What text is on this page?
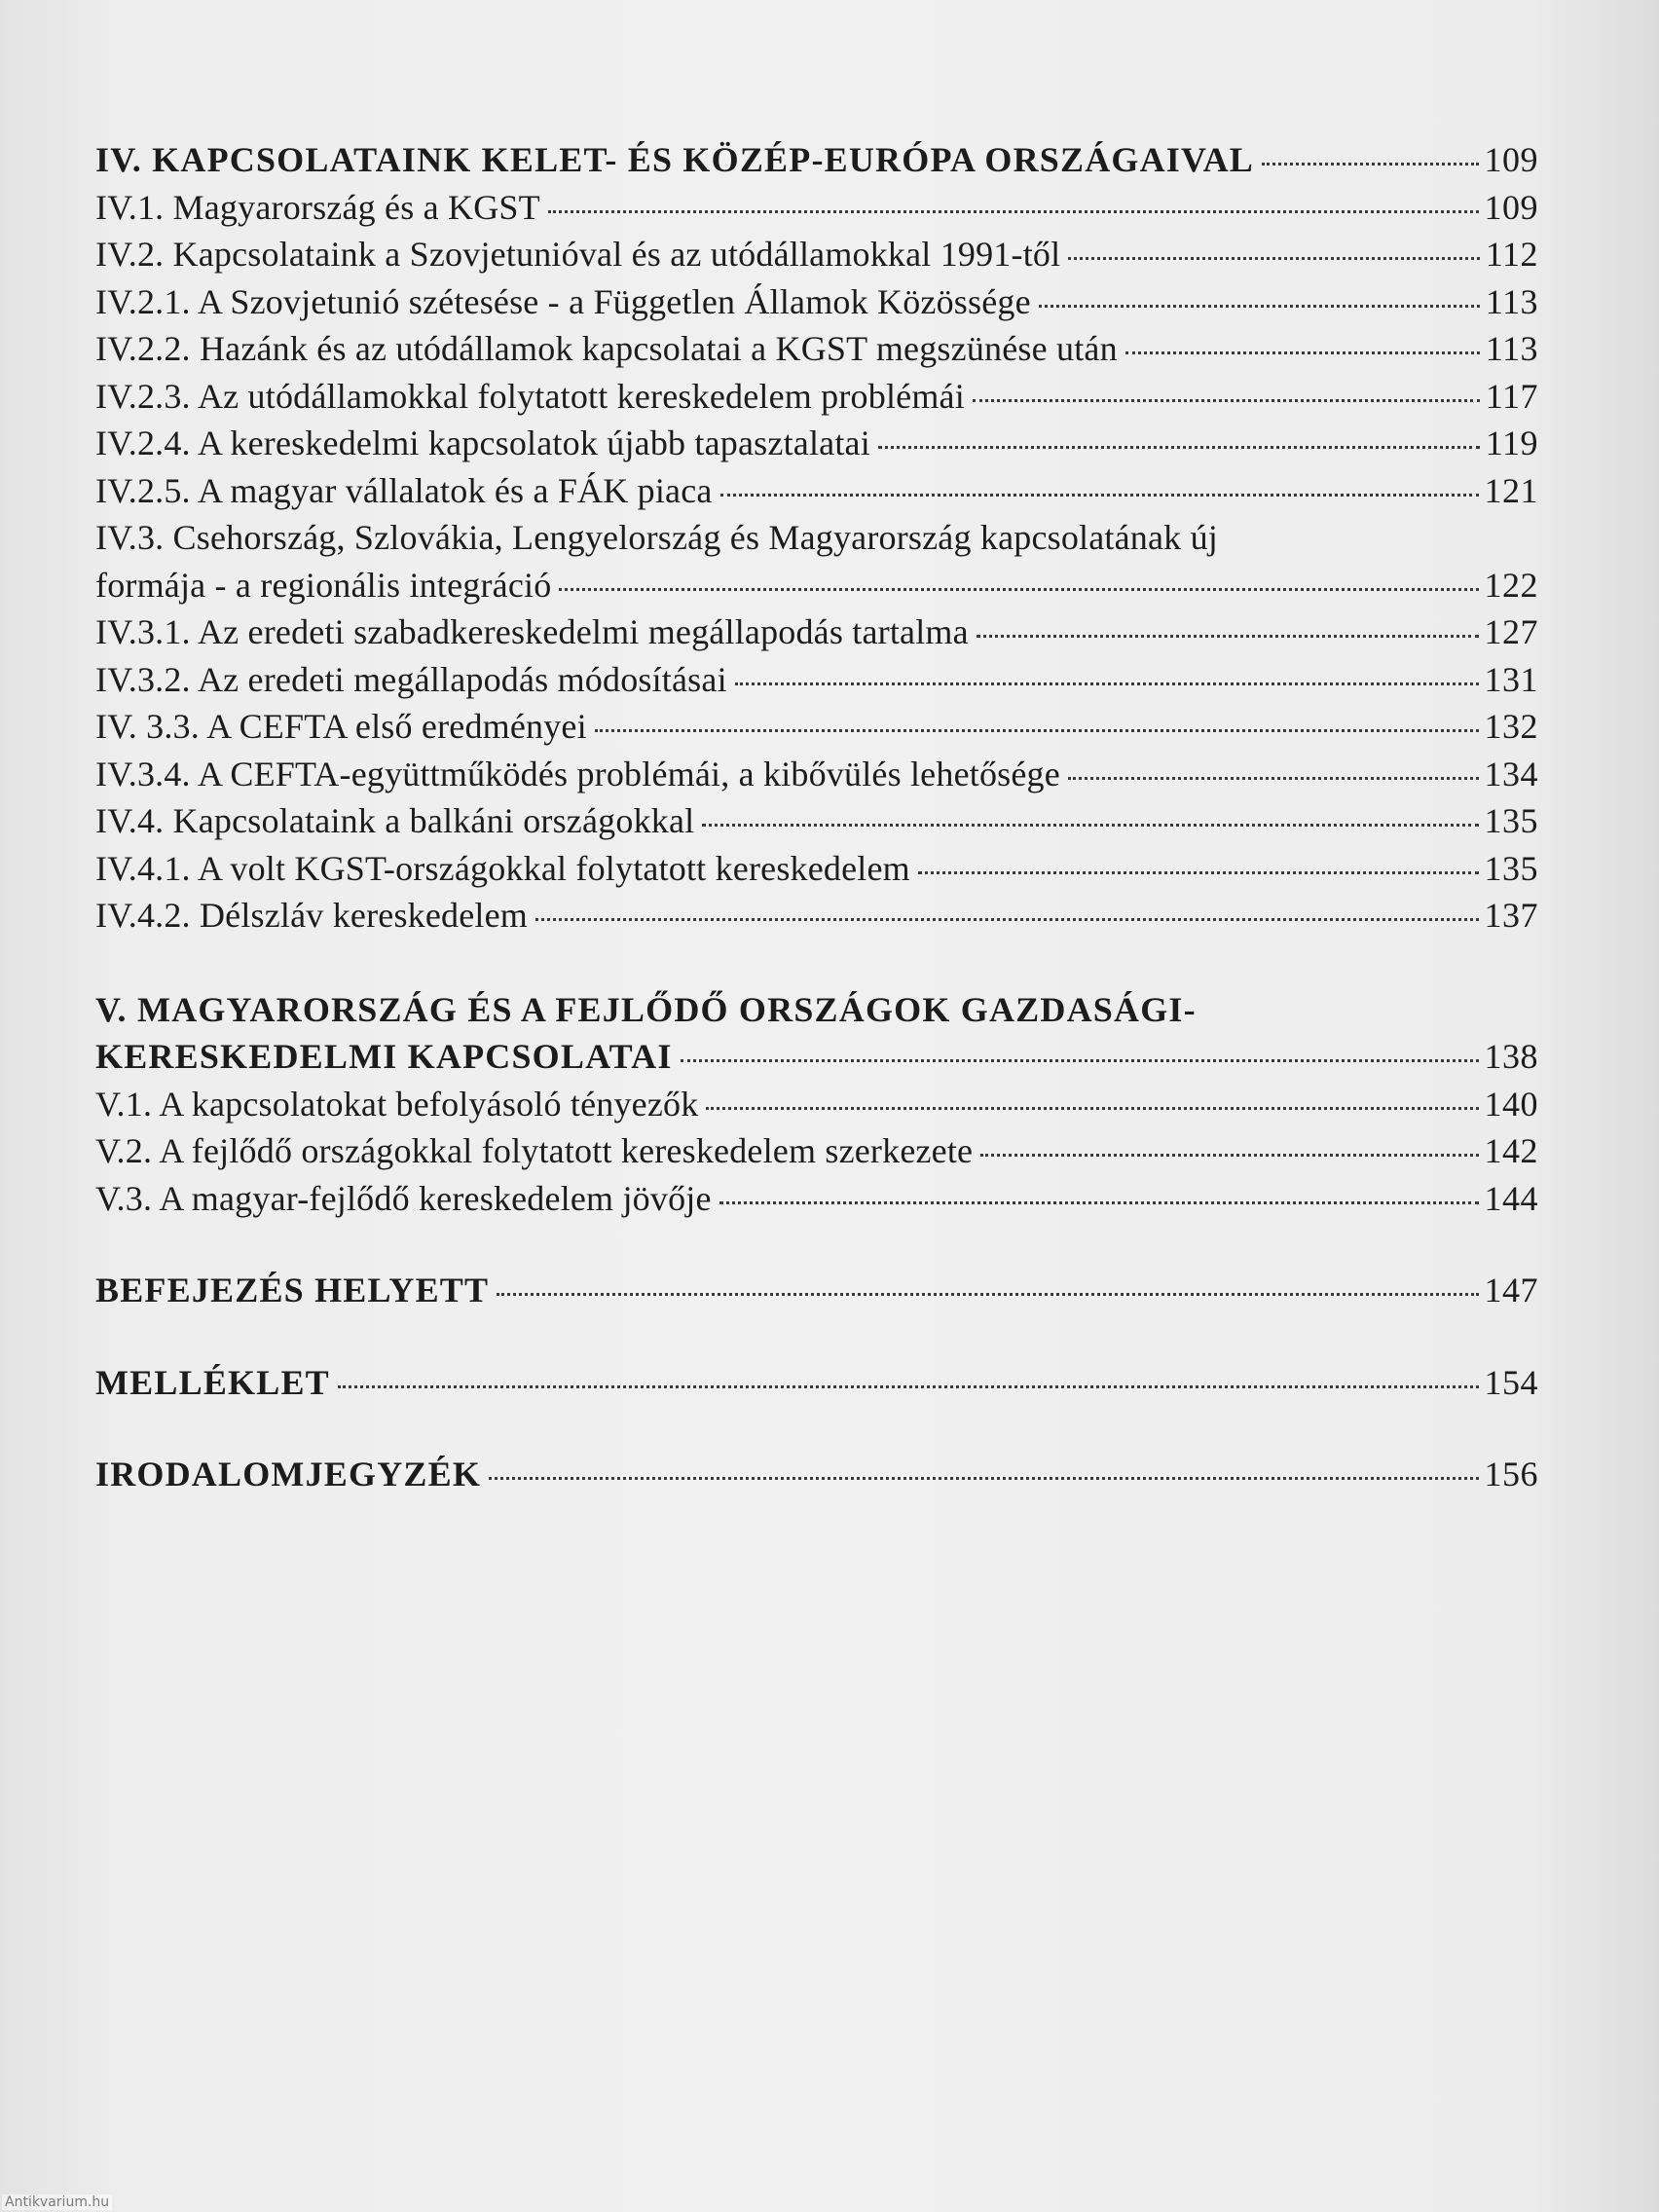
IV. KAPCSOLATAINK KELET- ÉS KÖZÉP-EURÓPA ORSZÁGAIVAL	109
IV.1. Magyarország és a KGST	109
IV.2. Kapcsolataink a Szovjetunióval és az utódállamokkal 1991-től	112
IV.2.1. A Szovjetunió szétesése - a Független Államok Közössége	113
IV.2.2. Hazánk és az utódállamok kapcsolatai a KGST megszünése után	113
IV.2.3. Az utódállamokkal folytatott kereskedelem problémái	117
IV.2.4. A kereskedelmi kapcsolatok újabb tapasztalatai	119
IV.2.5. A magyar vállalatok és a FÁK piaca	121
IV.3. Csehország, Szlovákia, Lengyelország és Magyarország kapcsolatának új
formája - a regionális integráció	122
IV.3.1. Az eredeti szabadkereskedelmi megállapodás tartalma	127
IV.3.2. Az eredeti megállapodás módosításai	131
IV. 3.3. A CEFTA első eredményei	132
IV.3.4. A CEFTA-együttműködés problémái, a kibővülés lehetősége	134
IV.4. Kapcsolataink a balkáni országokkal	135
IV.4.1. A volt KGST-országokkal folytatott kereskedelem	135
IV.4.2. Délszláv kereskedelem	137
V. MAGYARORSZÁG ÉS A FEJLŐDŐ ORSZÁGOK GAZDASÁGI-
KERESKEDELMI KAPCSOLATAI	138
V.1. A kapcsolatokat befolyásoló tényezők	140
V.2. A fejlődő országokkal folytatott kereskedelem szerkezete	142
V.3. A magyar-fejlődő kereskedelem jövője	144
BEFEJEZÉS HELYETT	147
MELLÉKLET	154
IRODALOMJEGYZÉK	156
Antikvarium.hu
